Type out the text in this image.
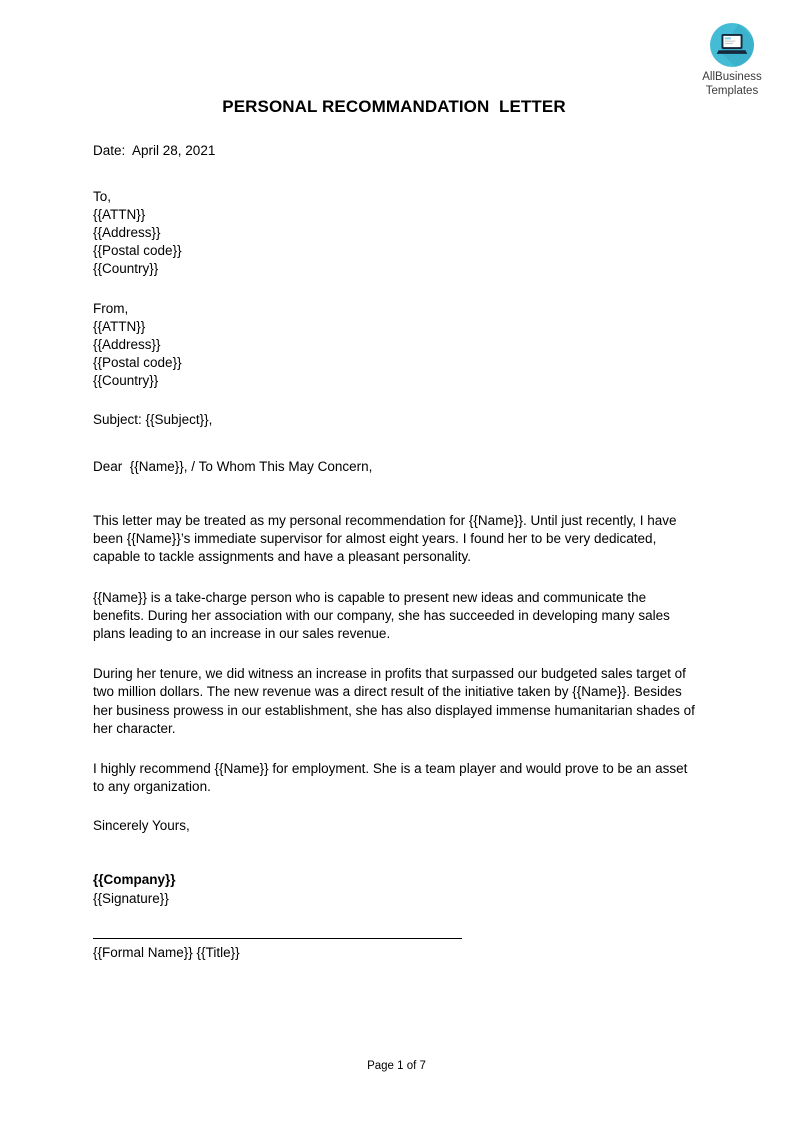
AllBusiness
Templates
PERSONAL RECOMMANDATION  LETTER
Date:  April 28, 2021
To,
{{ATTN}}
{{Address}}
{{Postal code}}
{{Country}}
From,
{{ATTN}}
{{Address}}
{{Postal code}}
{{Country}}
Subject: {{Subject}},
Dear  {{Name}}, / To Whom This May Concern,
This letter may be treated as my personal recommendation for {{Name}}. Until just recently, I have been {{Name}}’s immediate supervisor for almost eight years. I found her to be very dedicated, capable to tackle assignments and have a pleasant personality.
{{Name}} is a take-charge person who is capable to present new ideas and communicate the benefits. During her association with our company, she has succeeded in developing many sales plans leading to an increase in our sales revenue.
During her tenure, we did witness an increase in profits that surpassed our budgeted sales target of two million dollars. The new revenue was a direct result of the initiative taken by {{Name}}. Besides her business prowess in our establishment, she has also displayed immense humanitarian shades of her character.
I highly recommend {{Name}} for employment. She is a team player and would prove to be an asset to any organization.
Sincerely Yours,
{{Company}}
{{Signature}}
{{Formal Name}} {{Title}}
Page 1 of 7
